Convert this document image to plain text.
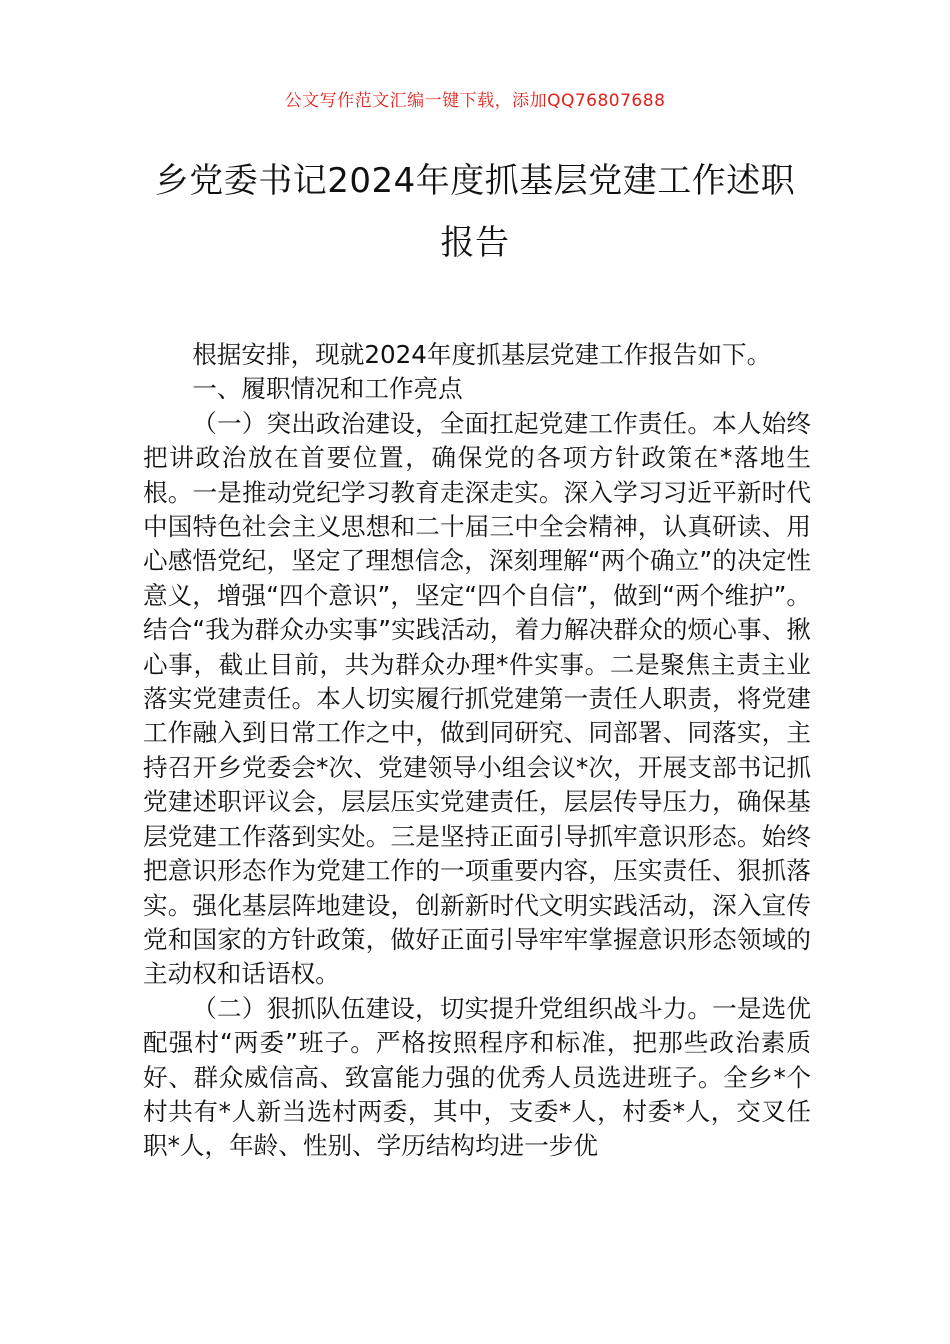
公文写作范文汇编一键下载，添加QQ76807688
乡党委书记2024年度抓基层党建工作述职报告

根据安排，现就2024年度抓基层党建工作报告如下。

一、履职情况和工作亮点

（一）突出政治建设，全面扛起党建工作责任。本人始终把讲政治放在首要位置，确保党的各项方针政策在*落地生根。一是推动党纪学习教育走深走实。深入学习习近平新时代中国特色社会主义思想和二十届三中全会精神，认真研读、用心感悟党纪，坚定了理想信念，深刻理解“两个确立”的决定性意义，增强“四个意识”，坚定“四个自信”，做到“两个维护”。结合“我为群众办实事”实践活动，着力解决群众的烦心事、揪心事，截止目前，共为群众办理*件实事。二是聚焦主责主业落实党建责任。本人切实履行抓党建第一责任人职责，将党建工作融入到日常工作之中，做到同研究、同部署、同落实，主持召开乡党委会*次、党建领导小组会议*次，开展支部书记抓党建述职评议会，层层压实党建责任，层层传导压力，确保基层党建工作落到实处。三是坚持正面引导抓牢意识形态。始终把意识形态作为党建工作的一项重要内容，压实责任、狠抓落实。强化基层阵地建设，创新新时代文明实践活动，深入宣传党和国家的方针政策，做好正面引导牢牢掌握意识形态领域的主动权和话语权。

（二）狠抓队伍建设，切实提升党组织战斗力。一是选优配强村“两委”班子。严格按照程序和标准，把那些政治素质好、群众威信高、致富能力强的优秀人员选进班子。全乡*个村共有*人新当选村两委，其中，支委*人，村委*人，交叉任职*人，年龄、性别、学历结构均进一步优
